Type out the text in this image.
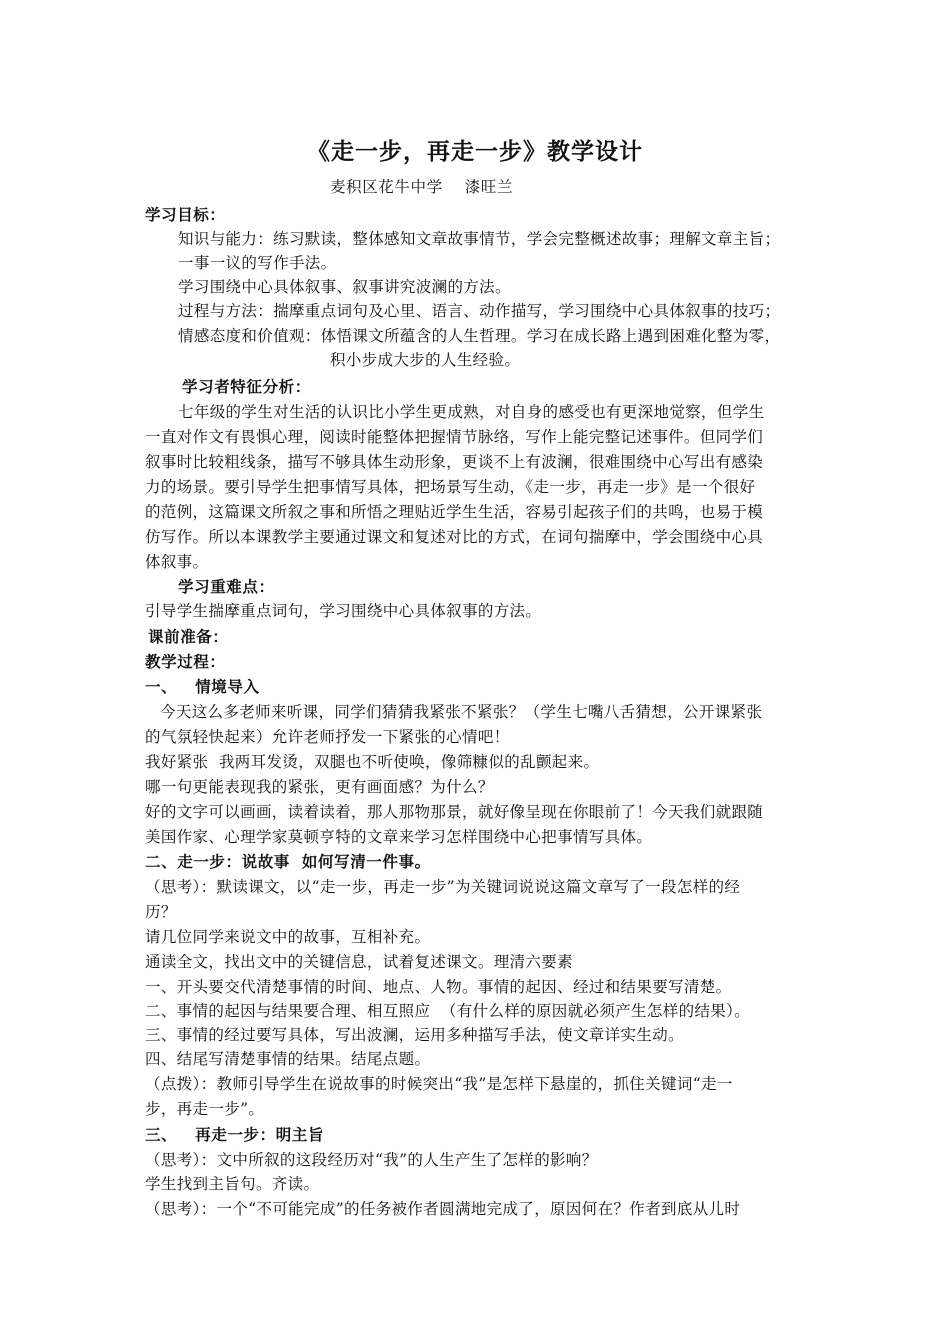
《走一步，再走一步》教学设计
麦积区花牛中学    漆旺兰
学习目标：
知识与能力：练习默读，整体感知文章故事情节，学会完整概述故事；理解文章主旨；
一事一议的写作手法。
学习围绕中心具体叙事、叙事讲究波澜的方法。
过程与方法：揣摩重点词句及心里、语言、动作描写，学习围绕中心具体叙事的技巧；
情感态度和价值观：体悟课文所蕴含的人生哲理。学习在成长路上遇到困难化整为零，
积小步成大步的人生经验。
学习者特征分析：
七年级的学生对生活的认识比小学生更成熟，对自身的感受也有更深地觉察，但学生
一直对作文有畏惧心理，阅读时能整体把握情节脉络，写作上能完整记述事件。但同学们
叙事时比较粗线条，描写不够具体生动形象，更谈不上有波澜，很难围绕中心写出有感染
力的场景。要引导学生把事情写具体，把场景写生动，《走一步，再走一步》是一个很好
的范例，这篇课文所叙之事和所悟之理贴近学生生活，容易引起孩子们的共鸣，也易于模
仿写作。所以本课教学主要通过课文和复述对比的方式，在词句揣摩中，学会围绕中心具
体叙事。
学习重难点：
引导学生揣摩重点词句，学习围绕中心具体叙事的方法。
课前准备：
教学过程：
一、   情境导入
今天这么多老师来听课，同学们猜猜我紧张不紧张？（学生七嘴八舌猜想，公开课紧张
的气氛轻快起来）允许老师抒发一下紧张的心情吧！
我好紧张  我两耳发烫，双腿也不听使唤，像筛糠似的乱颤起来。
哪一句更能表现我的紧张，更有画面感？为什么？
好的文字可以画画，读着读着，那人那物那景，就好像呈现在你眼前了！今天我们就跟随
美国作家、心理学家莫顿亨特的文章来学习怎样围绕中心把事情写具体。
二、走一步：说故事  如何写清一件事。
（思考）：默读课文，以“走一步，再走一步”为关键词说说这篇文章写了一段怎样的经
历？
请几位同学来说文中的故事，互相补充。
通读全文，找出文中的关键信息，试着复述课文。理清六要素
一、开头要交代清楚事情的时间、地点、人物。事情的起因、经过和结果要写清楚。
二、事情的起因与结果要合理、相互照应  （有什么样的原因就必须产生怎样的结果）。
三、事情的经过要写具体，写出波澜，运用多种描写手法，使文章详实生动。
四、结尾写清楚事情的结果。结尾点题。
（点拨）：教师引导学生在说故事的时候突出“我”是怎样下悬崖的，抓住关键词“走一
步，再走一步”。
三、   再走一步：明主旨
（思考）：文中所叙的这段经历对“我”的人生产生了怎样的影响？
学生找到主旨句。齐读。
（思考）：一个“不可能完成”的任务被作者圆满地完成了，原因何在？作者到底从儿时
